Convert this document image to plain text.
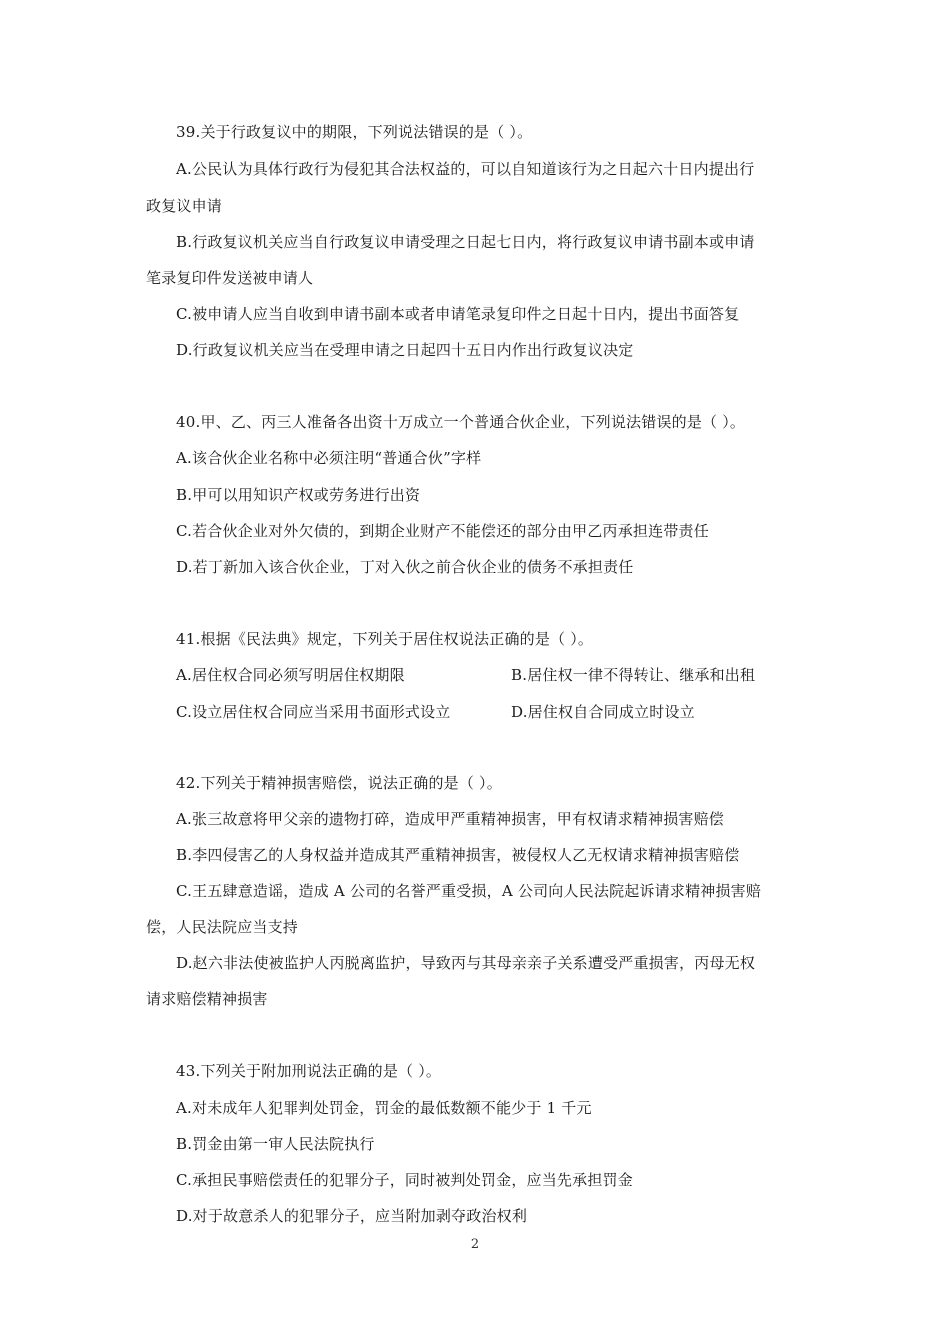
39.关于行政复议中的期限，下列说法错误的是（ ）。
A.公民认为具体行政行为侵犯其合法权益的，可以自知道该行为之日起六十日内提出行
政复议申请
B.行政复议机关应当自行政复议申请受理之日起七日内，将行政复议申请书副本或申请
笔录复印件发送被申请人
C.被申请人应当自收到申请书副本或者申请笔录复印件之日起十日内，提出书面答复
D.行政复议机关应当在受理申请之日起四十五日内作出行政复议决定
40.甲、乙、丙三人准备各出资十万成立一个普通合伙企业，下列说法错误的是（ ）。
A.该合伙企业名称中必须注明“普通合伙”字样
B.甲可以用知识产权或劳务进行出资
C.若合伙企业对外欠债的，到期企业财产不能偿还的部分由甲乙丙承担连带责任
D.若丁新加入该合伙企业，丁对入伙之前合伙企业的债务不承担责任
41.根据《民法典》规定，下列关于居住权说法正确的是（ ）。
A.居住权合同必须写明居住权期限	B.居住权一律不得转让、继承和出租
C.设立居住权合同应当采用书面形式设立	D.居住权自合同成立时设立
42.下列关于精神损害赔偿，说法正确的是（ ）。
A.张三故意将甲父亲的遗物打碎，造成甲严重精神损害，甲有权请求精神损害赔偿
B.李四侵害乙的人身权益并造成其严重精神损害，被侵权人乙无权请求精神损害赔偿
C.王五肆意造谣，造成 A 公司的名誉严重受损，A 公司向人民法院起诉请求精神损害赔
偿，人民法院应当支持
D.赵六非法使被监护人丙脱离监护，导致丙与其母亲亲子关系遭受严重损害，丙母无权
请求赔偿精神损害
43.下列关于附加刑说法正确的是（ ）。
A.对未成年人犯罪判处罚金，罚金的最低数额不能少于 1 千元
B.罚金由第一审人民法院执行
C.承担民事赔偿责任的犯罪分子，同时被判处罚金，应当先承担罚金
D.对于故意杀人的犯罪分子，应当附加剥夺政治权利
2
